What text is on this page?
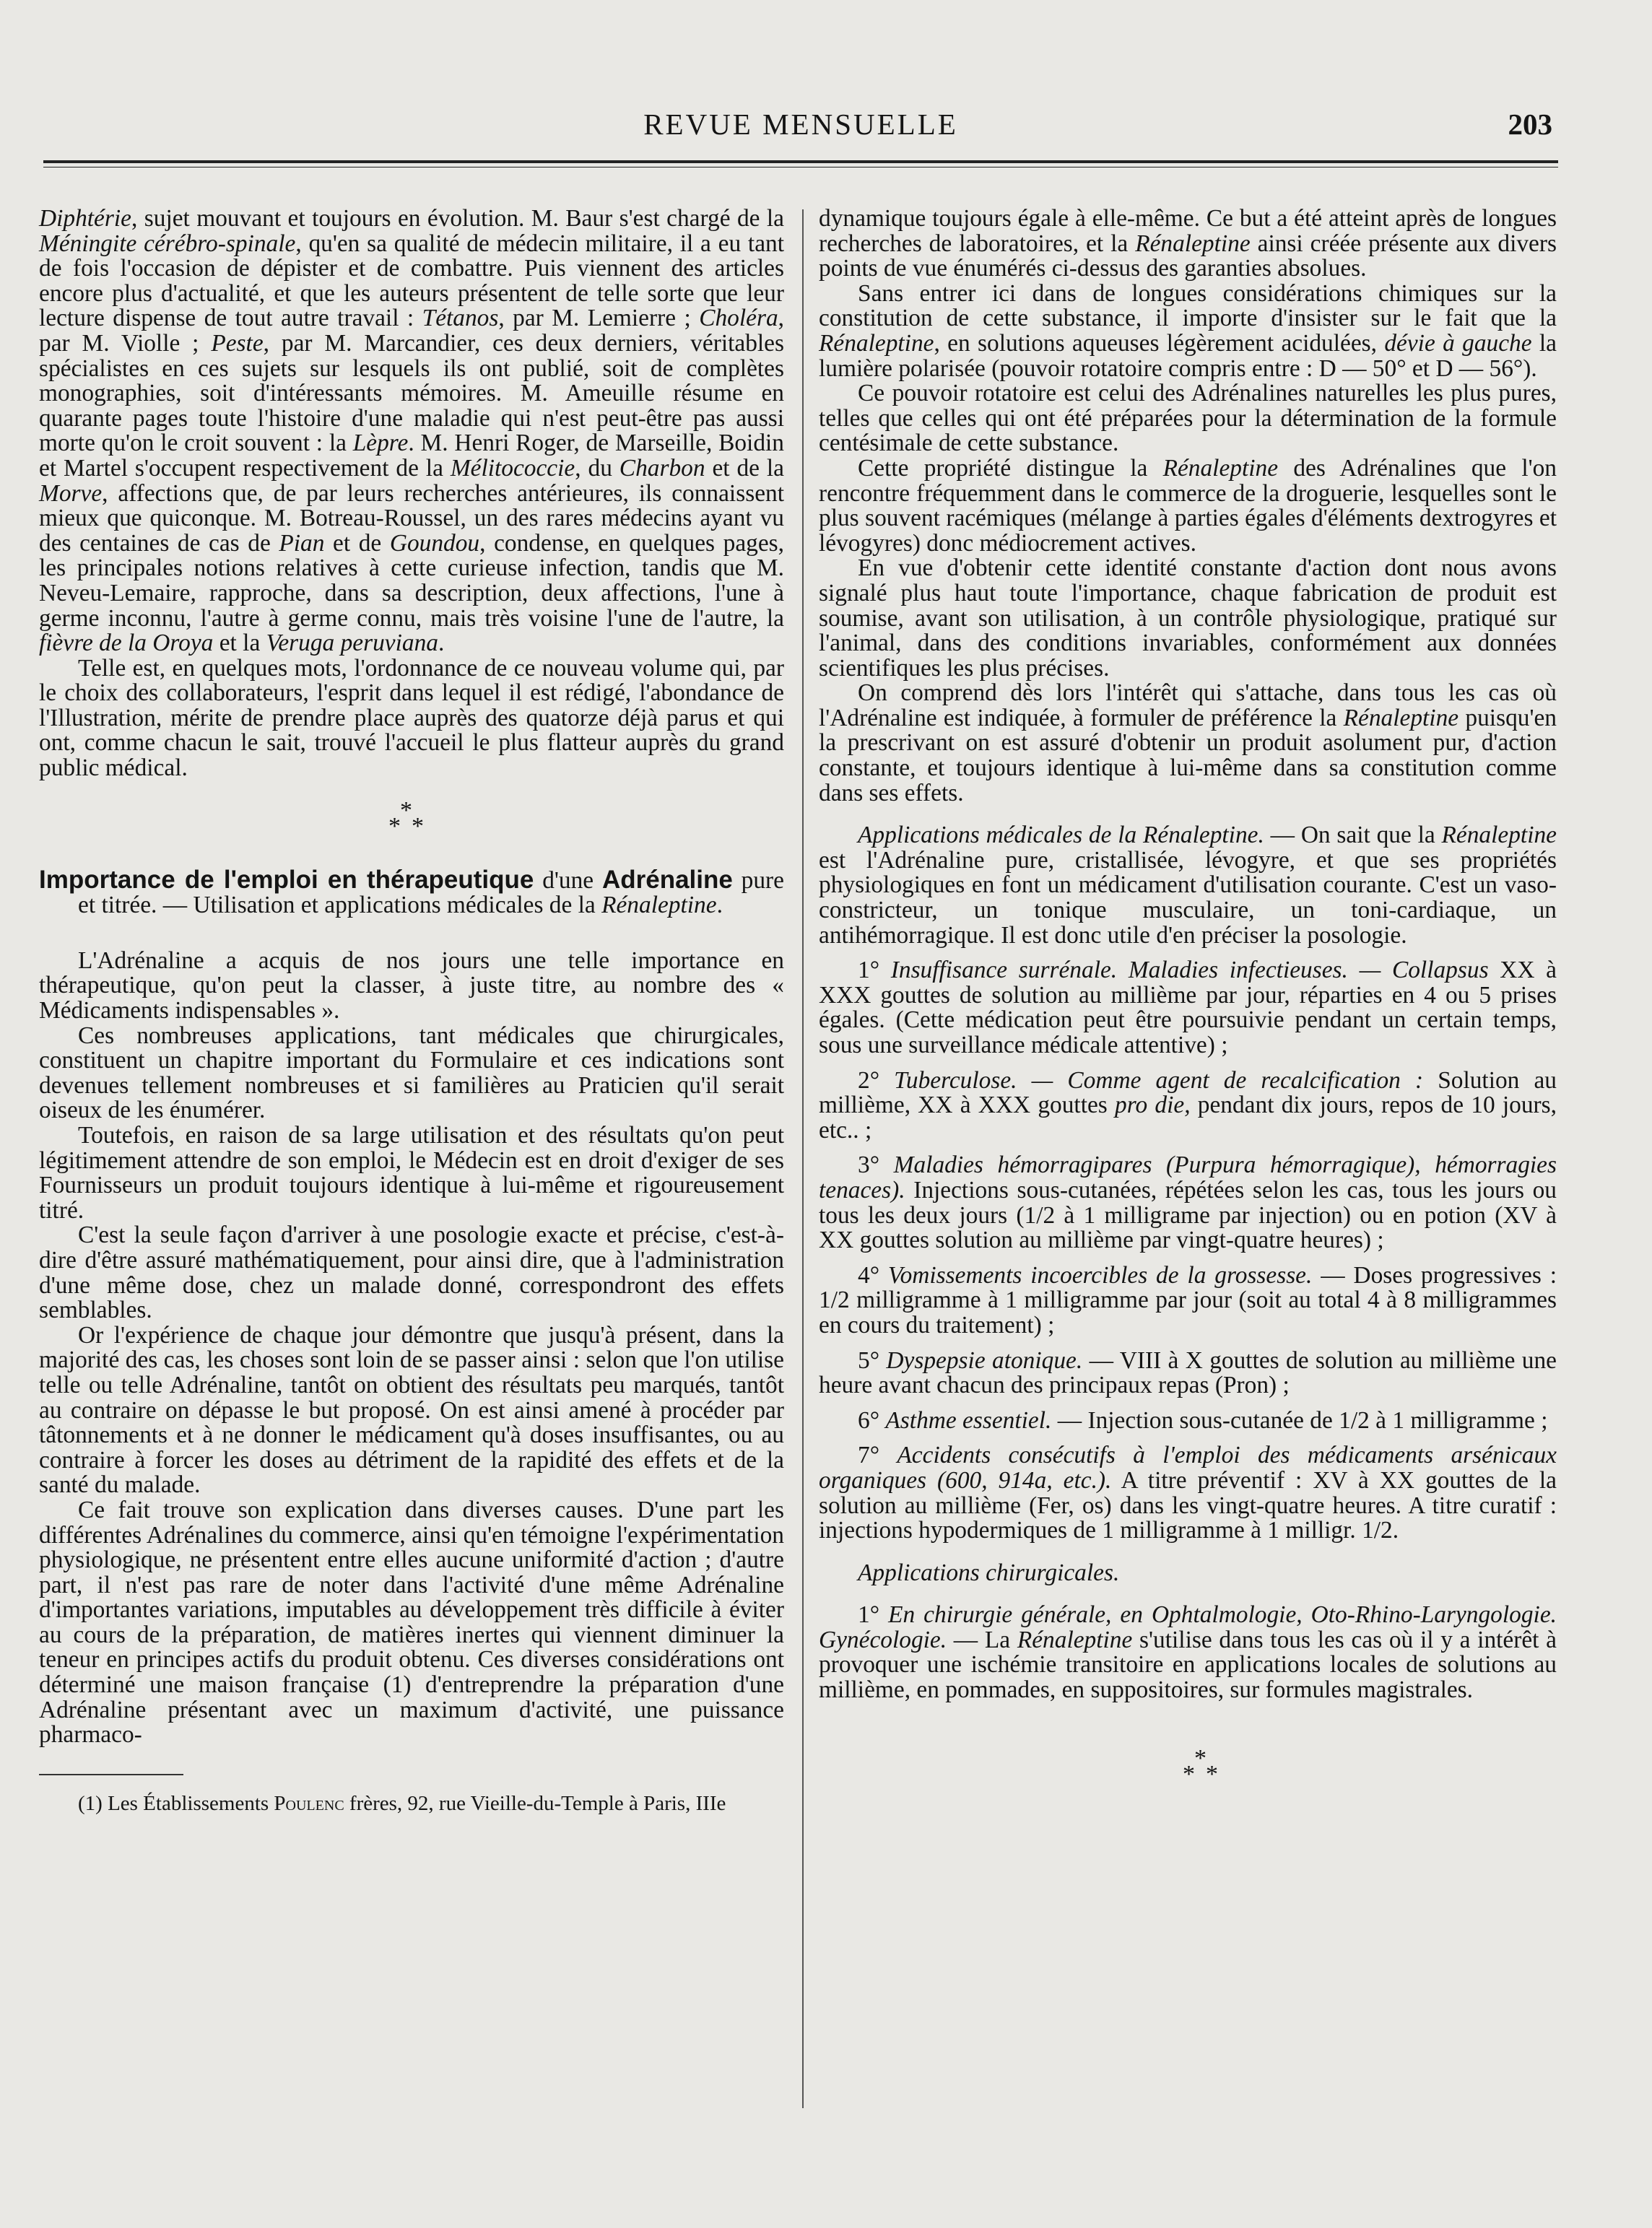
REVUE MENSUELLE	203

Diphtérie, sujet mouvant et toujours en évolution. M. Baur s'est chargé de la Méningite cérébro-spinale, qu'en sa qualité de médecin militaire, il a eu tant de fois l'occasion de dépister et de combattre. Puis viennent des articles encore plus d'actualité, et que les auteurs présentent de telle sorte que leur lecture dispense de tout autre travail : Tétanos, par M. Lemierre ; Choléra, par M. Violle ; Peste, par M. Marcandier, ces deux derniers, véritables spécialistes en ces sujets sur lesquels ils ont publié, soit de complètes monographies, soit d'intéressants mémoires. M. Ameuille résume en quarante pages toute l'histoire d'une maladie qui n'est peut-être pas aussi morte qu'on le croit souvent : la Lèpre. M. Henri Roger, de Marseille, Boidin et Martel s'occupent respectivement de la Mélitococcie, du Charbon et de la Morve, affections que, de par leurs recherches antérieures, ils connaissent mieux que quiconque. M. Botreau-Roussel, un des rares médecins ayant vu des centaines de cas de Pian et de Goundou, condense, en quelques pages, les principales notions relatives à cette curieuse infection, tandis que M. Neveu-Lemaire, rapproche, dans sa description, deux affections, l'une à germe inconnu, l'autre à germe connu, mais très voisine l'une de l'autre, la fièvre de la Oroya et la Veruga peruviana.

Telle est, en quelques mots, l'ordonnance de ce nouveau volume qui, par le choix des collaborateurs, l'esprit dans lequel il est rédigé, l'abondance de l'Illustration, mérite de prendre place auprès des quatorze déjà parus et qui ont, comme chacun le sait, trouvé l'accueil le plus flatteur auprès du grand public médical.

*
* *
Importance de l'emploi en thérapeutique d'une Adrénaline pure et titrée. — Utilisation et applications médicales de la Rénaleptine.

L'Adrénaline a acquis de nos jours une telle importance en thérapeutique, qu'on peut la classer, à juste titre, au nombre des « Médicaments indispensables ».

Ces nombreuses applications, tant médicales que chirurgicales, constituent un chapitre important du Formulaire et ces indications sont devenues tellement nombreuses et si familières au Praticien qu'il serait oiseux de les énumérer.

Toutefois, en raison de sa large utilisation et des résultats qu'on peut légitimement attendre de son emploi, le Médecin est en droit d'exiger de ses Fournisseurs un produit toujours identique à lui-même et rigoureusement titré.

C'est la seule façon d'arriver à une posologie exacte et précise, c'est-à-dire d'être assuré mathématiquement, pour ainsi dire, que à l'administration d'une même dose, chez un malade donné, correspondront des effets semblables.

Or l'expérience de chaque jour démontre que jusqu'à présent, dans la majorité des cas, les choses sont loin de se passer ainsi : selon que l'on utilise telle ou telle Adrénaline, tantôt on obtient des résultats peu marqués, tantôt au contraire on dépasse le but proposé. On est ainsi amené à procéder par tâtonnements et à ne donner le médicament qu'à doses insuffisantes, ou au contraire à forcer les doses au détriment de la rapidité des effets et de la santé du malade.

Ce fait trouve son explication dans diverses causes. D'une part les différentes Adrénalines du commerce, ainsi qu'en témoigne l'expérimentation physiologique, ne présentent entre elles aucune uniformité d'action ; d'autre part, il n'est pas rare de noter dans l'activité d'une même Adrénaline d'importantes variations, imputables au développement très difficile à éviter au cours de la préparation, de matières inertes qui viennent diminuer la teneur en principes actifs du produit obtenu. Ces diverses considérations ont déterminé une maison française (1) d'entreprendre la préparation d'une Adrénaline présentant avec un maximum d'activité, une puissance pharmaco-

(1) Les Établissements Poulenc frères, 92, rue Vieille-du-Temple à Paris, IIIe

dynamique toujours égale à elle-même. Ce but a été atteint après de longues recherches de laboratoires, et la Rénaleptine ainsi créée présente aux divers points de vue énumérés ci-dessus des garanties absolues.

Sans entrer ici dans de longues considérations chimiques sur la constitution de cette substance, il importe d'insister sur le fait que la Rénaleptine, en solutions aqueuses légèrement acidulées, dévie à gauche la lumière polarisée (pouvoir rotatoire compris entre : D — 50° et D — 56°).

Ce pouvoir rotatoire est celui des Adrénalines naturelles les plus pures, telles que celles qui ont été préparées pour la détermination de la formule centésimale de cette substance.

Cette propriété distingue la Rénaleptine des Adrénalines que l'on rencontre fréquemment dans le commerce de la droguerie, lesquelles sont le plus souvent racémiques (mélange à parties égales d'éléments dextrogyres et lévogyres) donc médiocrement actives.

En vue d'obtenir cette identité constante d'action dont nous avons signalé plus haut toute l'importance, chaque fabrication de produit est soumise, avant son utilisation, à un contrôle physiologique, pratiqué sur l'animal, dans des conditions invariables, conformément aux données scientifiques les plus précises.

On comprend dès lors l'intérêt qui s'attache, dans tous les cas où l'Adrénaline est indiquée, à formuler de préférence la Rénaleptine puisqu'en la prescrivant on est assuré d'obtenir un produit asolument pur, d'action constante, et toujours identique à lui-même dans sa constitution comme dans ses effets.

Applications médicales de la Rénaleptine. — On sait que la Rénaleptine est l'Adrénaline pure, cristallisée, lévogyre, et que ses propriétés physiologiques en font un médicament d'utilisation courante. C'est un vaso-constricteur, un tonique musculaire, un toni-cardiaque, un antihémorragique. Il est donc utile d'en préciser la posologie.

1° Insuffisance surrénale. Maladies infectieuses. — Collapsus XX à XXX gouttes de solution au millième par jour, réparties en 4 ou 5 prises égales. (Cette médication peut être poursuivie pendant un certain temps, sous une surveillance médicale attentive) ;

2° Tuberculose. — Comme agent de recalcification : Solution au millième, XX à XXX gouttes pro die, pendant dix jours, repos de 10 jours, etc.. ;

3° Maladies hémorragipares (Purpura hémorragique), hémorragies tenaces). Injections sous-cutanées, répétées selon les cas, tous les jours ou tous les deux jours (1/2 à 1 milligrame par injection) ou en potion (XV à XX gouttes solution au millième par vingt-quatre heures) ;

4° Vomissements incoercibles de la grossesse. — Doses progressives : 1/2 milligramme à 1 milligramme par jour (soit au total 4 à 8 milligrammes en cours du traitement) ;

5° Dyspepsie atonique. — VIII à X gouttes de solution au millième une heure avant chacun des principaux repas (Pron) ;

6° Asthme essentiel. — Injection sous-cutanée de 1/2 à 1 milligramme ;

7° Accidents consécutifs à l'emploi des médicaments arsénicaux organiques (600, 914a, etc.). A titre préventif : XV à XX gouttes de la solution au millième (Fer, os) dans les vingt-quatre heures. A titre curatif : injections hypodermiques de 1 milligramme à 1 milligr. 1/2.

Applications chirurgicales.

1° En chirurgie générale, en Ophtalmologie, Oto-Rhino-Laryngologie. Gynécologie. — La Rénaleptine s'utilise dans tous les cas où il y a intérêt à provoquer une ischémie transitoire en applications locales de solutions au millième, en pommades, en suppositoires, sur formules magistrales.

*
* *
